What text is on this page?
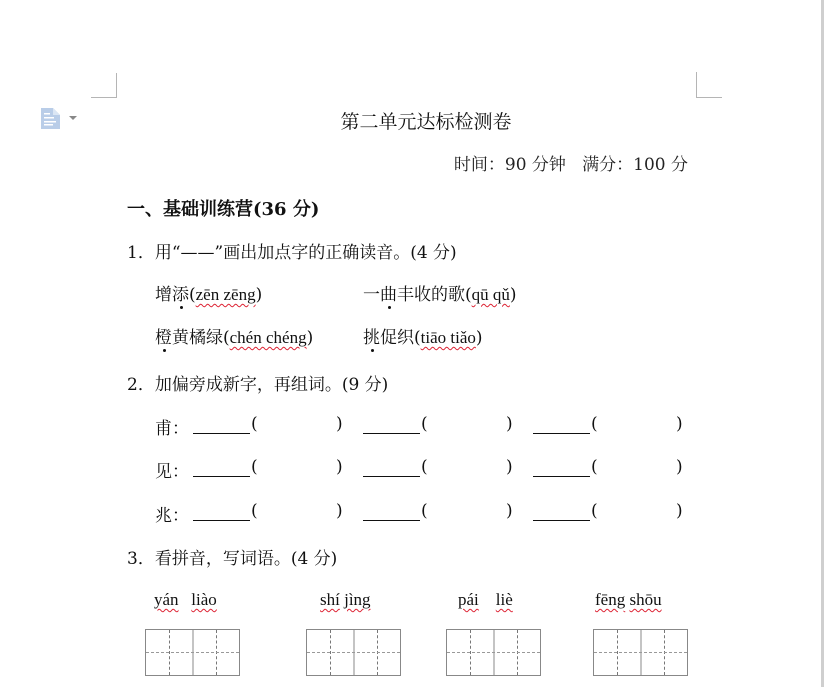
第二单元达标检测卷
时间：90 分钟   满分：100 分
一、基础训练营(36 分)
1．用“——”画出加点字的正确读音。(4 分)
增添(zēn zēng)	一曲丰收的歌(qū qǔ)
橙黄橘绿(chén chéng)	挑促织(tiāo tiǎo)
2．加偏旁成新字，再组词。(9 分)
甫：	(	)	(	)	(	)
见：	(	)	(	)	(	)
兆：	(	)	(	)	(	)
3．看拼音，写词语。(4 分)
yán liào	shí jìng	pái liè	fēng shōu
